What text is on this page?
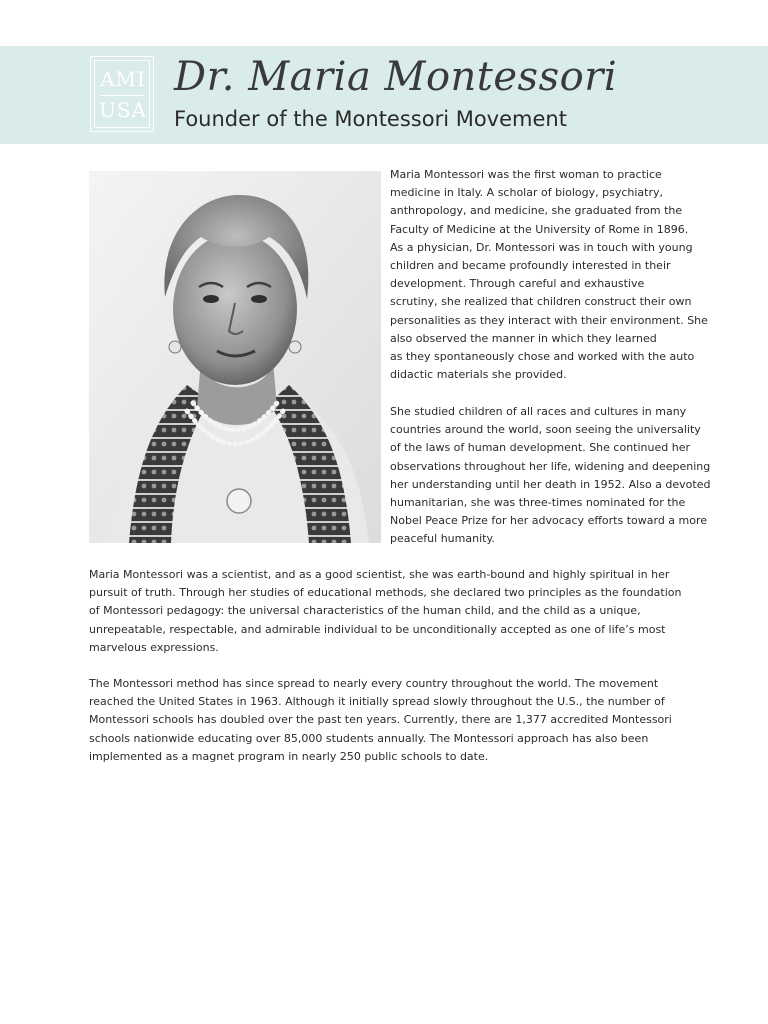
AMI
USA
Dr. Maria Montessori
Founder of the Montessori Movement
Maria Montessori was the first woman to practice
medicine in Italy. A scholar of biology, psychiatry,
anthropology, and medicine, she graduated from the
Faculty of Medicine at the University of Rome in 1896.
As a physician, Dr. Montessori was in touch with young
children and became profoundly interested in their
development. Through careful and exhaustive
scrutiny, she realized that children construct their own
personalities as they interact with their environment. She
also observed the manner in which they learned
as they spontaneously chose and worked with the auto
didactic materials she provided.
She studied children of all races and cultures in many
countries around the world, soon seeing the universality
of the laws of human development. She continued her
observations throughout her life, widening and deepening
her understanding until her death in 1952. Also a devoted
humanitarian, she was three-times nominated for the
Nobel Peace Prize for her advocacy efforts toward a more
peaceful humanity.
Maria Montessori was a scientist, and as a good scientist, she was earth-bound and highly spiritual in her
pursuit of truth. Through her studies of educational methods, she declared two principles as the foundation
of Montessori pedagogy: the universal characteristics of the human child, and the child as a unique,
unrepeatable, respectable, and admirable individual to be unconditionally accepted as one of life’s most
marvelous expressions.
The Montessori method has since spread to nearly every country throughout the world. The movement
reached the United States in 1963. Although it initially spread slowly throughout the U.S., the number of
Montessori schools has doubled over the past ten years. Currently, there are 1,377 accredited Montessori
schools nationwide educating over 85,000 students annually. The Montessori approach has also been
implemented as a magnet program in nearly 250 public schools to date.
